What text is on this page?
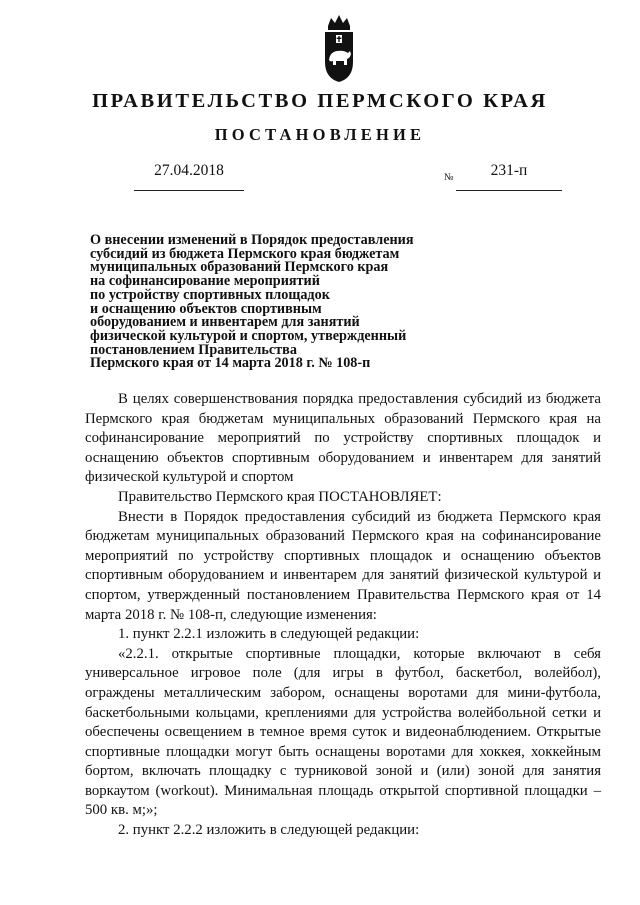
ПРАВИТЕЛЬСТВО ПЕРМСКОГО КРАЯ
ПОСТАНОВЛЕНИЕ
27.04.2018	№	231-п
О внесении изменений в Порядок предоставления
субсидий из бюджета Пермского края бюджетам
муниципальных образований Пермского края
на софинансирование мероприятий
по устройству спортивных площадок
и оснащению объектов спортивным
оборудованием и инвентарем для занятий
физической культурой и спортом, утвержденный
постановлением Правительства
Пермского края от 14 марта 2018 г. № 108-п

В целях совершенствования порядка предоставления субсидий из бюджета Пермского края бюджетам муниципальных образований Пермского края на софинансирование мероприятий по устройству спортивных площадок и оснащению объектов спортивным оборудованием и инвентарем для занятий физической культурой и спортом

Правительство Пермского края ПОСТАНОВЛЯЕТ:

Внести в Порядок предоставления субсидий из бюджета Пермского края бюджетам муниципальных образований Пермского края на софинансирование мероприятий по устройству спортивных площадок и оснащению объектов спортивным оборудованием и инвентарем для занятий физической культурой и спортом, утвержденный постановлением Правительства Пермского края от 14 марта 2018 г. № 108-п, следующие изменения:

1. пункт 2.2.1 изложить в следующей редакции:

«2.2.1. открытые спортивные площадки, которые включают в себя универсальное игровое поле (для игры в футбол, баскетбол, волейбол), ограждены металлическим забором, оснащены воротами для мини-футбола, баскетбольными кольцами, креплениями для устройства волейбольной сетки и обеспечены освещением в темное время суток и видеонаблюдением. Открытые спортивные площадки могут быть оснащены воротами для хоккея, хоккейным бортом, включать площадку с турниковой зоной и (или) зоной для занятия воркаутом (workout). Минимальная площадь открытой спортивной площадки – 500 кв. м;»;

2. пункт 2.2.2 изложить в следующей редакции:
